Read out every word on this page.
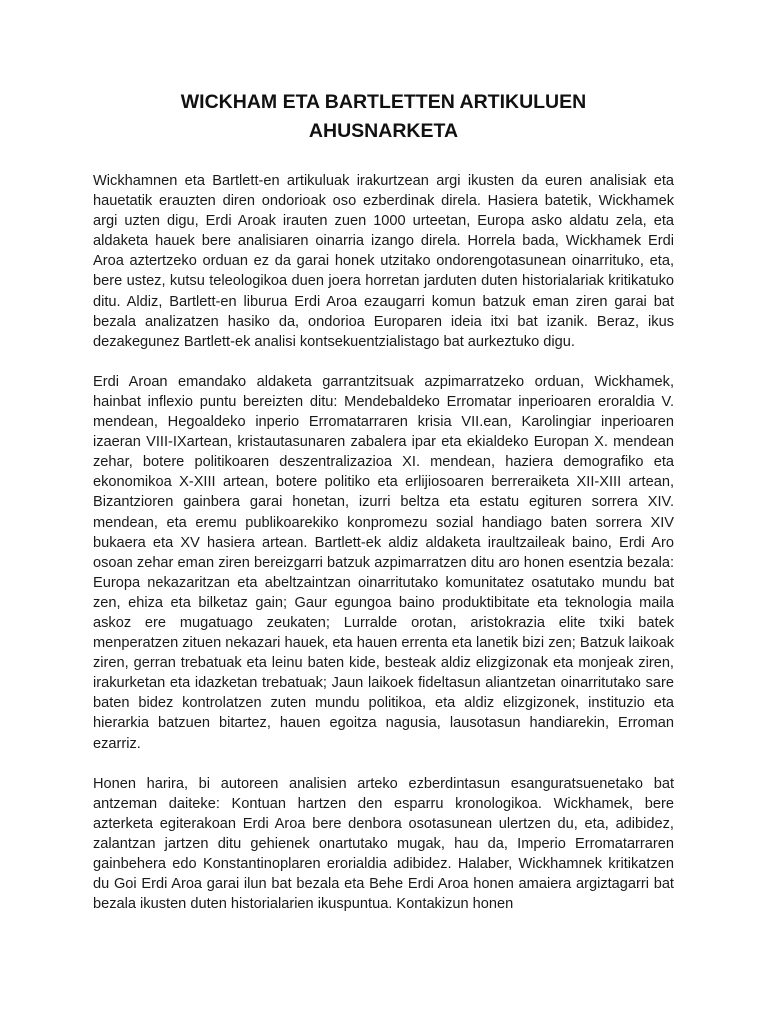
WICKHAM ETA BARTLETTEN ARTIKULUEN
AHUSNARKETA

Wickhamnen eta Bartlett-en artikuluak irakurtzean argi ikusten da euren analisiak eta hauetatik erauzten diren ondorioak oso ezberdinak direla. Hasiera batetik, Wickhamek argi uzten digu, Erdi Aroak irauten zuen 1000 urteetan, Europa asko aldatu zela, eta aldaketa hauek bere analisiaren oinarria izango direla. Horrela bada, Wickhamek Erdi Aroa aztertzeko orduan ez da garai honek utzitako ondorengotasunean oinarrituko, eta, bere ustez, kutsu teleologikoa duen joera horretan jarduten duten historialariak kritikatuko ditu. Aldiz, Bartlett-en liburua Erdi Aroa ezaugarri komun batzuk eman ziren garai bat bezala analizatzen hasiko da, ondorioa Europaren ideia itxi bat izanik. Beraz, ikus dezakegunez Bartlett-ek analisi kontsekuentzialistago bat aurkeztuko digu.

Erdi Aroan emandako aldaketa garrantzitsuak azpimarratzeko orduan, Wickhamek, hainbat inflexio puntu bereizten ditu: Mendebaldeko Erromatar inperioaren eroraldia V. mendean, Hegoaldeko inperio Erromatarraren krisia VII.ean, Karolingiar inperioaren izaeran VIII-IXartean, kristautasunaren zabalera ipar eta ekialdeko Europan X. mendean zehar, botere politikoaren deszentralizazioa XI. mendean, haziera demografiko eta ekonomikoa X-XIII artean, botere politiko eta erlijiosoaren berreraiketa XII-XIII artean, Bizantzioren gainbera garai honetan, izurri beltza eta estatu egituren sorrera XIV. mendean, eta eremu publikoarekiko konpromezu sozial handiago baten sorrera XIV bukaera eta XV hasiera artean. Bartlett-ek aldiz aldaketa iraultzaileak baino, Erdi Aro osoan zehar eman ziren bereizgarri batzuk azpimarratzen ditu aro honen esentzia bezala: Europa nekazaritzan eta abeltzaintzan oinarritutako komunitatez osatutako mundu bat zen, ehiza eta bilketaz gain; Gaur egungoa baino produktibitate eta teknologia maila askoz ere mugatuago zeukaten; Lurralde orotan, aristokrazia elite txiki batek menperatzen zituen nekazari hauek, eta hauen errenta eta lanetik bizi zen; Batzuk laikoak ziren, gerran trebatuak eta leinu baten kide, besteak aldiz elizgizonak eta monjeak ziren, irakurketan eta idazketan trebatuak; Jaun laikoek fideltasun aliantzetan oinarritutako sare baten bidez kontrolatzen zuten mundu politikoa, eta aldiz elizgizonek, instituzio eta hierarkia batzuen bitartez, hauen egoitza nagusia, lausotasun handiarekin, Erroman ezarriz.

Honen harira, bi autoreen analisien arteko ezberdintasun esanguratsuenetako bat antzeman daiteke: Kontuan hartzen den esparru kronologikoa. Wickhamek, bere azterketa egiterakoan Erdi Aroa bere denbora osotasunean ulertzen du, eta, adibidez, zalantzan jartzen ditu gehienek onartutako mugak, hau da, Imperio Erromatarraren gainbehera edo Konstantinoplaren erorialdia adibidez. Halaber, Wickhamnek kritikatzen du Goi Erdi Aroa garai ilun bat bezala eta Behe Erdi Aroa honen amaiera argiztagarri bat bezala ikusten duten historialarien ikuspuntua. Kontakizun honen
